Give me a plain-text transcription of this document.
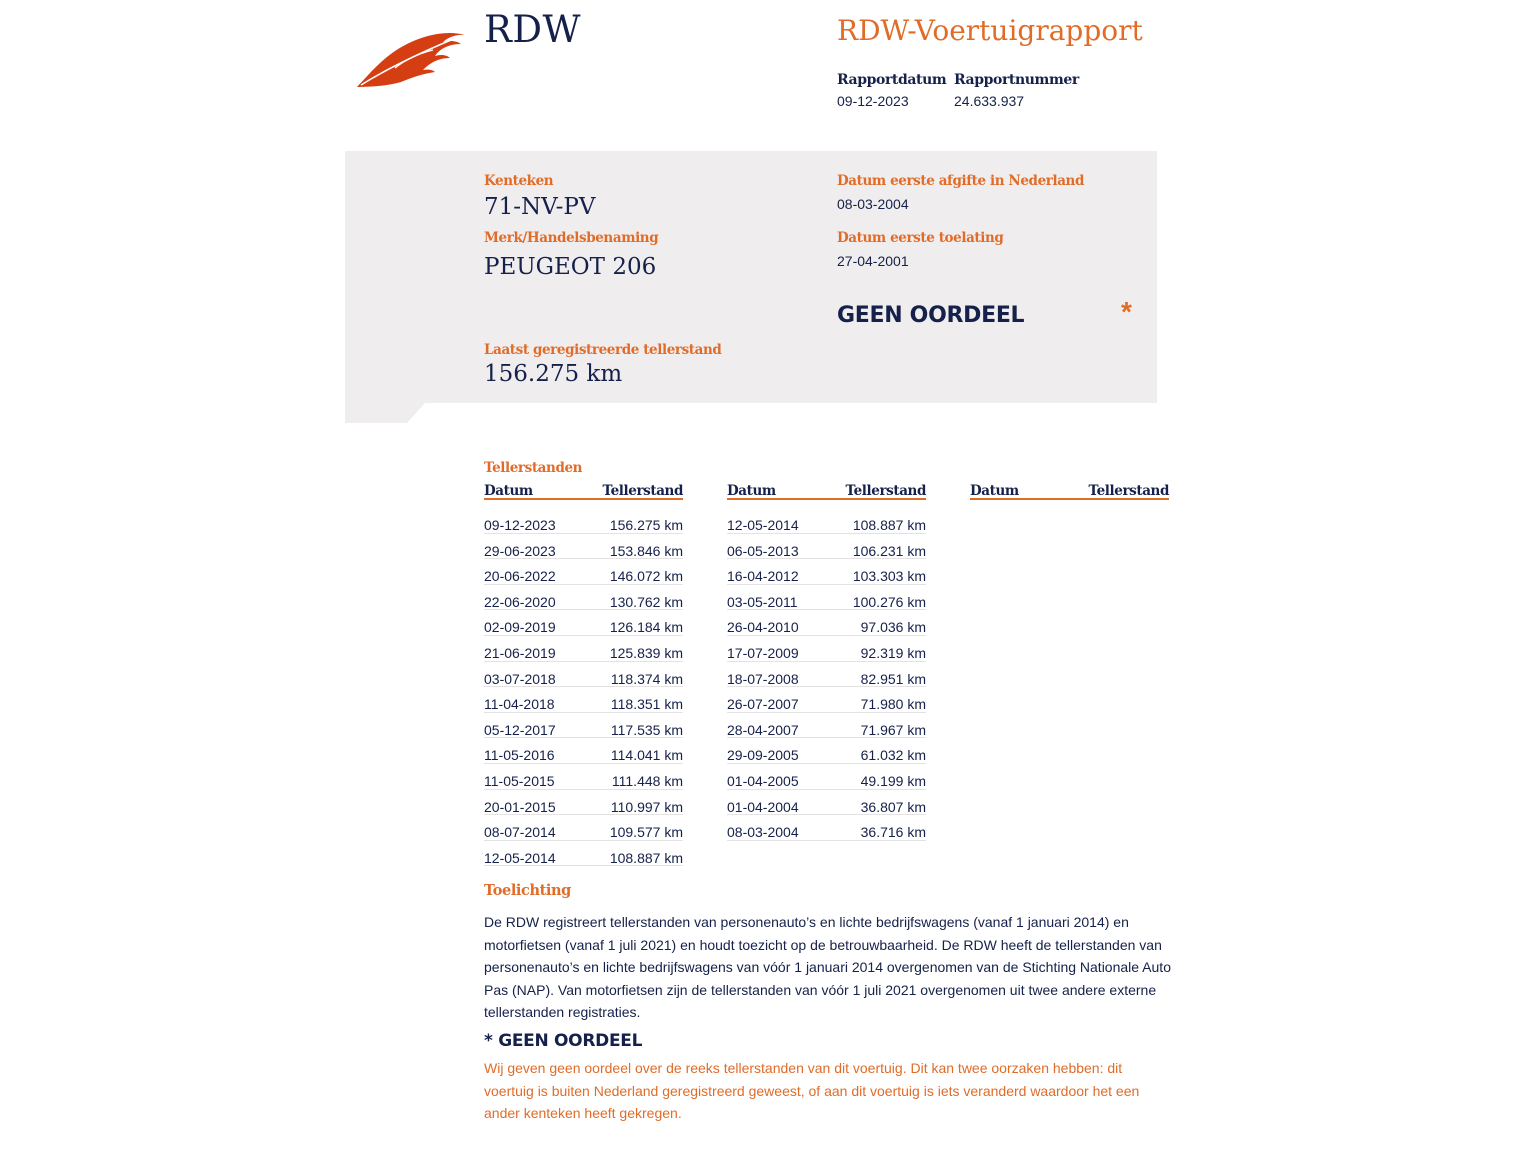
RDW	RDW-Voertuigrapport
Rapportdatum Rapportnummer
09-12-2023	24.633.937
Kenteken
71-NV-PV
Merk/Handelsbenaming
PEUGEOT 206
Datum eerste afgifte in Nederland
08-03-2004
Datum eerste toelating
27-04-2001
GEEN OORDEEL	*
Laatst geregistreerde tellerstand
156.275 km
Tellerstanden
Datum	Tellerstand
09-12-2023	156.275 km
29-06-2023	153.846 km
20-06-2022	146.072 km
22-06-2020	130.762 km
02-09-2019	126.184 km
21-06-2019	125.839 km
03-07-2018	118.374 km
11-04-2018	118.351 km
05-12-2017	117.535 km
11-05-2016	114.041 km
11-05-2015	111.448 km
20-01-2015	110.997 km
08-07-2014	109.577 km
12-05-2014	108.887 km
Datum	Tellerstand
12-05-2014	108.887 km
06-05-2013	106.231 km
16-04-2012	103.303 km
03-05-2011	100.276 km
26-04-2010	97.036 km
17-07-2009	92.319 km
18-07-2008	82.951 km
26-07-2007	71.980 km
28-04-2007	71.967 km
29-09-2005	61.032 km
01-04-2005	49.199 km
01-04-2004	36.807 km
08-03-2004	36.716 km
Datum	Tellerstand
Toelichting
De RDW registreert tellerstanden van personenauto’s en lichte bedrijfswagens (vanaf 1 januari 2014) en motorfietsen (vanaf 1 juli 2021) en houdt toezicht op de betrouwbaarheid. De RDW heeft de tellerstanden van personenauto’s en lichte bedrijfswagens van vóór 1 januari 2014 overgenomen van de Stichting Nationale Auto Pas (NAP). Van motorfietsen zijn de tellerstanden van vóór 1 juli 2021 overgenomen uit twee andere externe tellerstanden registraties.
* GEEN OORDEEL
Wij geven geen oordeel over de reeks tellerstanden van dit voertuig. Dit kan twee oorzaken hebben: dit voertuig is buiten Nederland geregistreerd geweest, of aan dit voertuig is iets veranderd waardoor het een ander kenteken heeft gekregen.
